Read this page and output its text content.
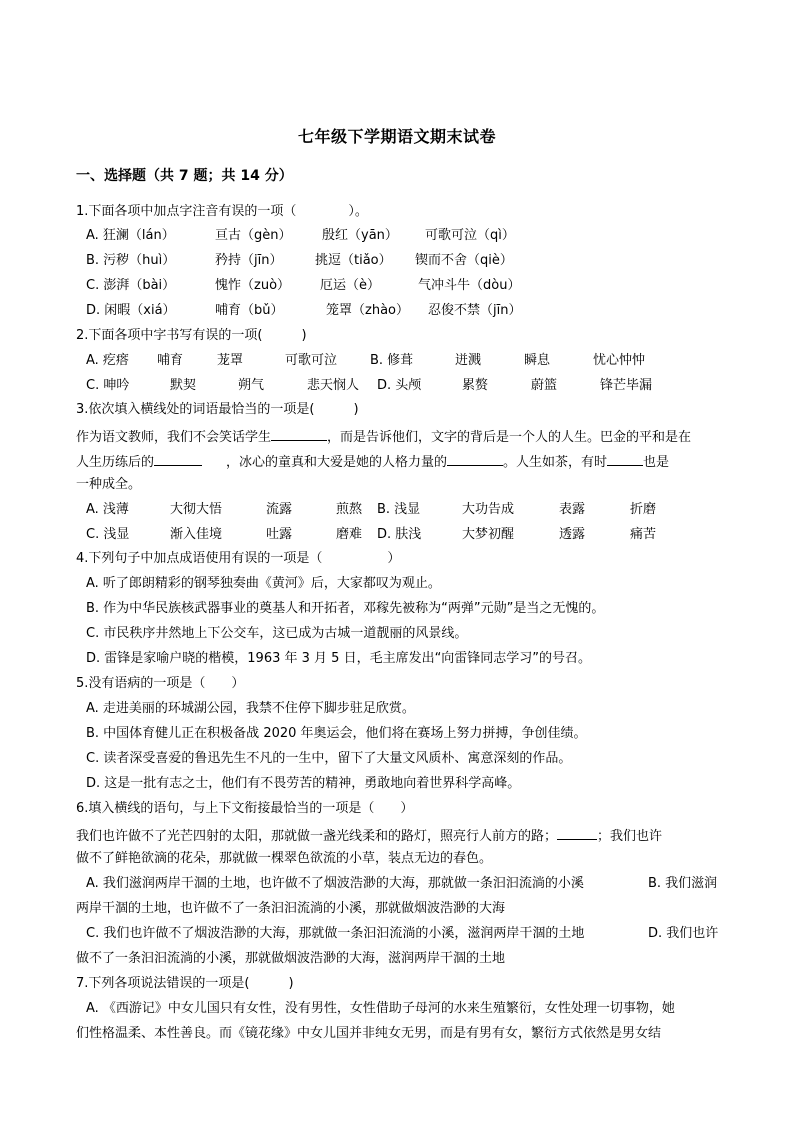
七年级下学期语文期末试卷
一、选择题（共 7 题；共 14 分）
1.下面各项中加点字注音有误的一项（　　　　）。
A. 狂澜（lán）	亘古（gèn） 殷红（yān） 可歌可泣（qì）
B. 污秽（huì）	矜持（jīn）	挑逗（tiǎo） 锲而不舍（qiè）
C. 澎湃（bài）	愧怍（zuò） 厄运（è）	气冲斗牛（dòu）
D. 闲暇（xiá）	哺育（bǔ）	笼罩（zhào） 忍俊不禁（jīn）
2.下面各项中字书写有误的一项(　　　)
A. 疙瘩 哺育	茏罩	可歌可泣	B. 修葺	迸溅	瞬息	忧心忡忡
C. 呻吟	默契	朔气	悲天悯人 D. 头颅	累赘	蔚篮	锋芒毕漏
3.依次填入横线处的词语最恰当的一项是(　　　)
作为语文教师，我们不会笑话学生	，而是告诉他们，文字的背后是一个人的人生。巴金的平和是在
人生历练后的	，冰心的童真和大爱是她的人格力量的	。人生如茶，有时	也是
一种成全。
A. 浅薄	大彻大悟	流露	煎熬 B. 浅显	大功告成	表露	折磨
C. 浅显	渐入佳境	吐露	磨难 D. 肤浅	大梦初醒	透露	痛苦
4.下列句子中加点成语使用有误的一项是（　　　　　）
A. 听了郎朗精彩的钢琴独奏曲《黄河》后，大家都叹为观止。
B. 作为中华民族核武器事业的奠基人和开拓者，邓稼先被称为“两弹”元勋”是当之无愧的。
C. 市民秩序井然地上下公交车，这已成为古城一道靓丽的风景线。
D. 雷锋是家喻户晓的楷模，1963 年 3 月 5 日，毛主席发出“向雷锋同志学习”的号召。
5.没有语病的一项是（　　）
A. 走进美丽的环城湖公园，我禁不住停下脚步驻足欣赏。
B. 中国体育健儿正在积极备战 2020 年奥运会，他们将在赛场上努力拼搏，争创佳绩。
C. 读者深受喜爱的鲁迅先生不凡的一生中，留下了大量文风质朴、寓意深刻的作品。
D. 这是一批有志之士，他们有不畏劳苦的精神，勇敢地向着世界科学高峰。
6.填入横线的语句，与上下文衔接最恰当的一项是（　　）
我们也许做不了光芒四射的太阳，那就做一盏光线柔和的路灯，照亮行人前方的路；	；我们也许
做不了鲜艳欲滴的花朵，那就做一棵翠色欲流的小草，装点无边的春色。
A. 我们滋润两岸干涸的土地，也许做不了烟波浩渺的大海，那就做一条汩汩流淌的小溪	B. 我们滋润
两岸干涸的土地，也许做不了一条汩汩流淌的小溪，那就做烟波浩渺的大海
C. 我们也许做不了烟波浩渺的大海，那就做一条汩汩流淌的小溪，滋润两岸干涸的土地	D. 我们也许
做不了一条汩汩流淌的小溪，那就做烟波浩渺的大海，滋润两岸干涸的土地
7.下列各项说法错误的一项是(　　　)
A. 《西游记》中女儿国只有女性，没有男性，女性借助子母河的水来生殖繁衍，女性处理一切事物，她
们性格温柔、本性善良。而《镜花缘》中女儿国并非纯女无男，而是有男有女，繁衍方式依然是男女结
